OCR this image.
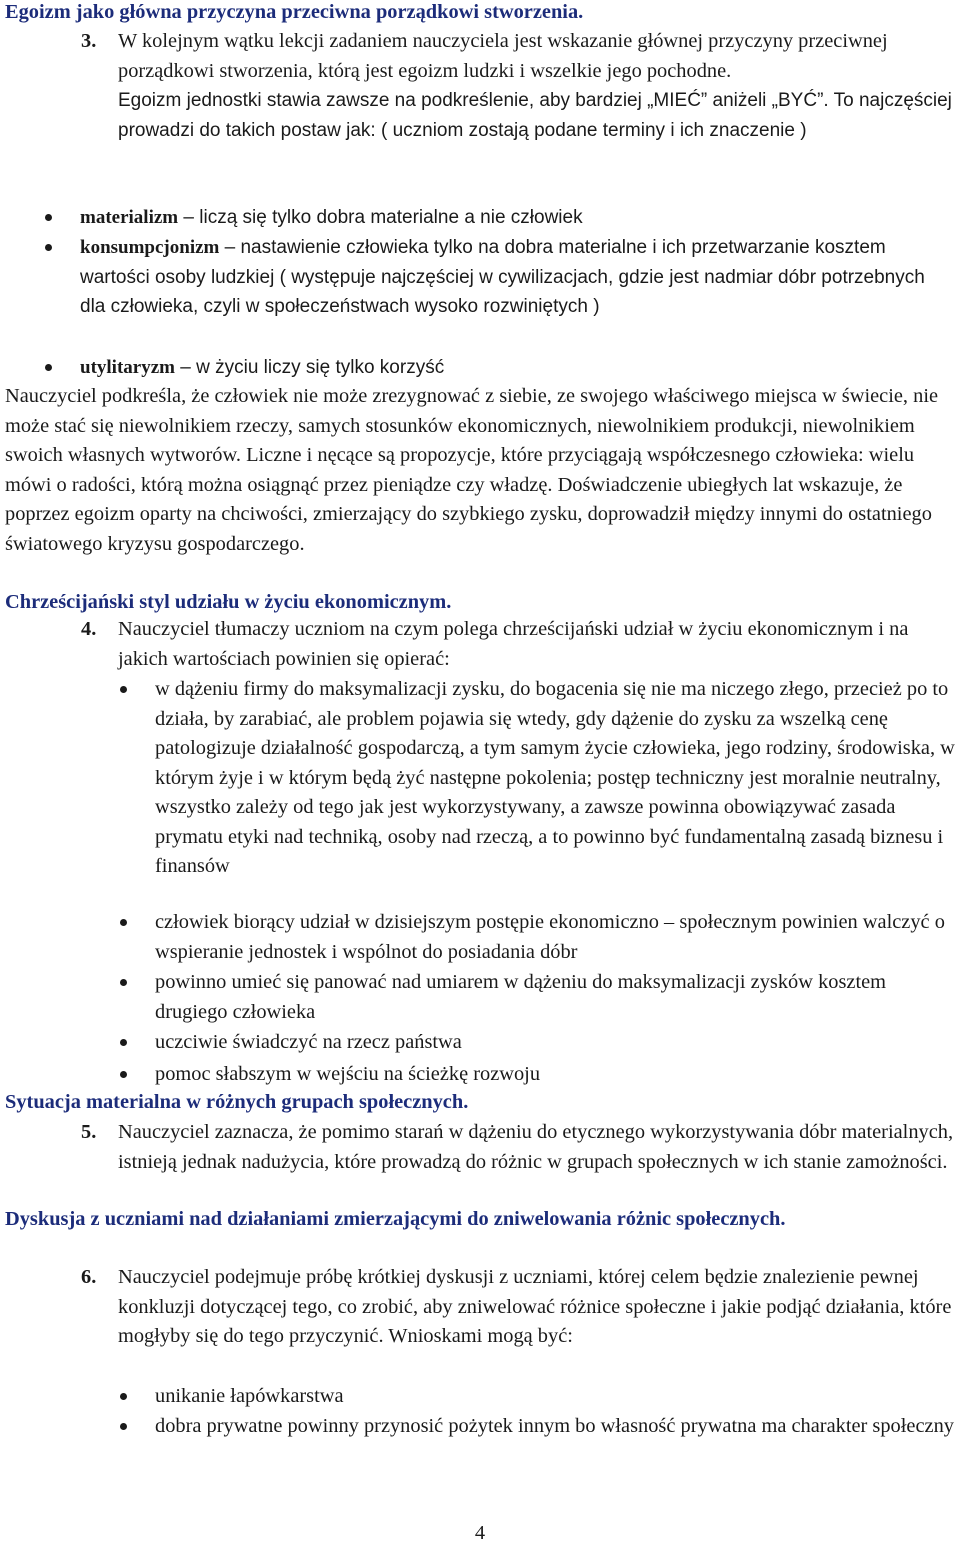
Egoizm jako główna przyczyna przeciwna porządkowi stworzenia.

3. W kolejnym wątku lekcji zadaniem nauczyciela jest wskazanie głównej przyczyny przeciwnej porządkowi stworzenia, którą jest egoizm ludzki i wszelkie jego pochodne.

Egoizm jednostki stawia zawsze na podkreślenie, aby bardziej „MIEĆ” aniżeli „BYĆ”. To najczęściej prowadzi do takich postaw jak: ( uczniom zostają podane terminy i ich znaczenie )

materializm – liczą się tylko dobra materialne a nie człowiek

konsumpcjonizm – nastawienie człowieka tylko na dobra materialne i ich przetwarzanie kosztem wartości osoby ludzkiej ( występuje najczęściej w cywilizacjach, gdzie jest nadmiar dóbr potrzebnych dla człowieka, czyli w społeczeństwach wysoko rozwiniętych )

utylitaryzm – w życiu liczy się tylko korzyść

Nauczyciel podkreśla, że człowiek nie może zrezygnować z siebie, ze swojego właściwego miejsca w świecie, nie może stać się niewolnikiem rzeczy, samych stosunków ekonomicznych, niewolnikiem produkcji, niewolnikiem swoich własnych wytworów. Liczne i nęcące są propozycje, które przyciągają współczesnego człowieka: wielu mówi o radości, którą można osiągnąć przez pieniądze czy władzę. Doświadczenie ubiegłych lat wskazuje, że poprzez egoizm oparty na chciwości, zmierzający do szybkiego zysku, doprowadził między innymi do ostatniego światowego kryzysu gospodarczego.

Chrześcijański styl udziału w życiu ekonomicznym.

4. Nauczyciel tłumaczy uczniom na czym polega chrześcijański udział w życiu ekonomicznym i na jakich wartościach powinien się opierać:

w dążeniu firmy do maksymalizacji zysku, do bogacenia się nie ma niczego złego, przecież po to działa, by zarabiać, ale problem pojawia się wtedy, gdy dążenie do zysku za wszelką cenę patologizuje działalność gospodarczą, a tym samym życie człowieka, jego rodziny, środowiska, w którym żyje i w którym będą żyć następne pokolenia; postęp techniczny jest moralnie neutralny, wszystko zależy od tego jak jest wykorzystywany, a zawsze powinna obowiązywać zasada prymatu etyki nad techniką, osoby nad rzeczą, a to powinno być fundamentalną zasadą biznesu i finansów

człowiek biorący udział w dzisiejszym postępie ekonomiczno – społecznym powinien walczyć o wspieranie jednostek i wspólnot do posiadania dóbr

powinno umieć się panować nad umiarem w dążeniu do maksymalizacji zysków kosztem drugiego człowieka

uczciwie świadczyć na rzecz państwa

pomoc słabszym w wejściu na ścieżkę rozwoju

Sytuacja materialna w różnych grupach społecznych.

5. Nauczyciel zaznacza, że pomimo starań w dążeniu do etycznego wykorzystywania dóbr materialnych, istnieją jednak nadużycia, które prowadzą do różnic w grupach społecznych w ich stanie zamożności.

Dyskusja z uczniami nad działaniami zmierzającymi do zniwelowania różnic społecznych.

6. Nauczyciel podejmuje próbę krótkiej dyskusji z uczniami, której celem będzie znalezienie pewnej konkluzji dotyczącej tego, co zrobić, aby zniwelować różnice społeczne i jakie podjąć działania, które mogłyby się do tego przyczynić. Wnioskami mogą być:

unikanie łapówkarstwa

dobra prywatne powinny przynosić pożytek innym bo własność prywatna ma charakter społeczny

4
